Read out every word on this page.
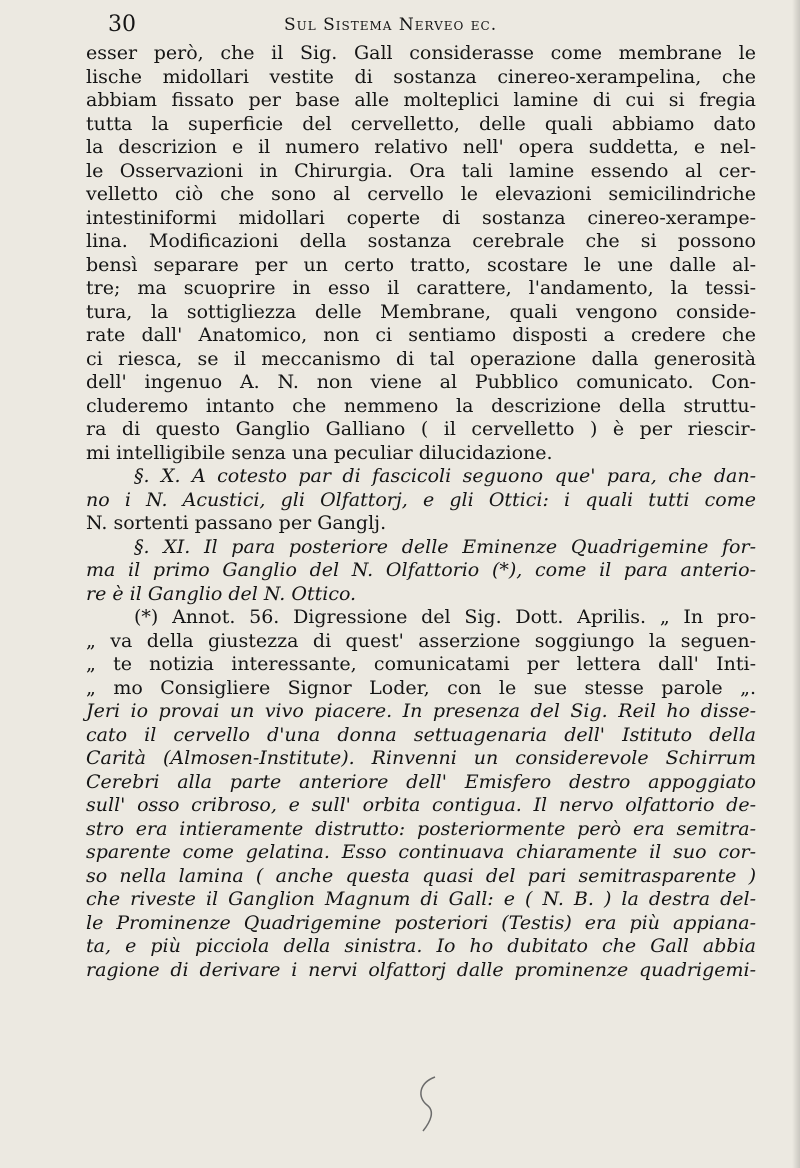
30	Sul Sistema Nerveo ec.
esser però, che il Sig. Gall considerasse come membrane le
lische midollari vestite di sostanza cinereo-xerampelina, che
abbiam fissato per base alle molteplici lamine di cui si fregia
tutta la superficie del cervelletto, delle quali abbiamo dato
la descrizion e il numero relativo nell' opera suddetta, e nel-
le Osservazioni in Chirurgia. Ora tali lamine essendo al cer-
velletto ciò che sono al cervello le elevazioni semicilindriche
intestiniformi midollari coperte di sostanza cinereo-xerampe-
lina. Modificazioni della sostanza cerebrale che si possono
bensì separare per un certo tratto, scostare le une dalle al-
tre; ma scuoprire in esso il carattere, l'andamento, la tessi-
tura, la sottigliezza delle Membrane, quali vengono conside-
rate dall' Anatomico, non ci sentiamo disposti a credere che
ci riesca, se il meccanismo di tal operazione dalla generosità
dell' ingenuo A. N. non viene al Pubblico comunicato. Con-
cluderemo intanto che nemmeno la descrizione della struttu-
ra di questo Ganglio Galliano ( il cervelletto ) è per riescir-
mi intelligibile senza una peculiar dilucidazione.
§. X. A cotesto par di fascicoli seguono que' para, che dan-
no i N. Acustici, gli Olfattorj, e gli Ottici: i quali tutti come
N. sortenti passano per Ganglj.
§. XI. Il para posteriore delle Eminenze Quadrigemine for-
ma il primo Ganglio del N. Olfattorio (*), come il para anterio-
re è il Ganglio del N. Ottico.
(*) Annot. 56. Digressione del Sig. Dott. Aprilis. „ In pro-
„ va della giustezza di quest' asserzione soggiungo la seguen-
„ te notizia interessante, comunicatami per lettera dall' Inti-
„ mo Consigliere Signor Loder, con le sue stesse parole „.
Jeri io provai un vivo piacere. In presenza del Sig. Reil ho disse-
cato il cervello d'una donna settuagenaria dell' Istituto della
Carità (Almosen-Institute). Rinvenni un considerevole Schirrum
Cerebri alla parte anteriore dell' Emisfero destro appoggiato
sull' osso cribroso, e sull' orbita contigua. Il nervo olfattorio de-
stro era intieramente distrutto: posteriormente però era semitra-
sparente come gelatina. Esso continuava chiaramente il suo cor-
so nella lamina ( anche questa quasi del pari semitrasparente )
che riveste il Ganglion Magnum di Gall: e ( N. B. ) la destra del-
le Prominenze Quadrigemine posteriori (Testis) era più appiana-
ta, e più picciola della sinistra. Io ho dubitato che Gall abbia
ragione di derivare i nervi olfattorj dalle prominenze quadrigemi-
